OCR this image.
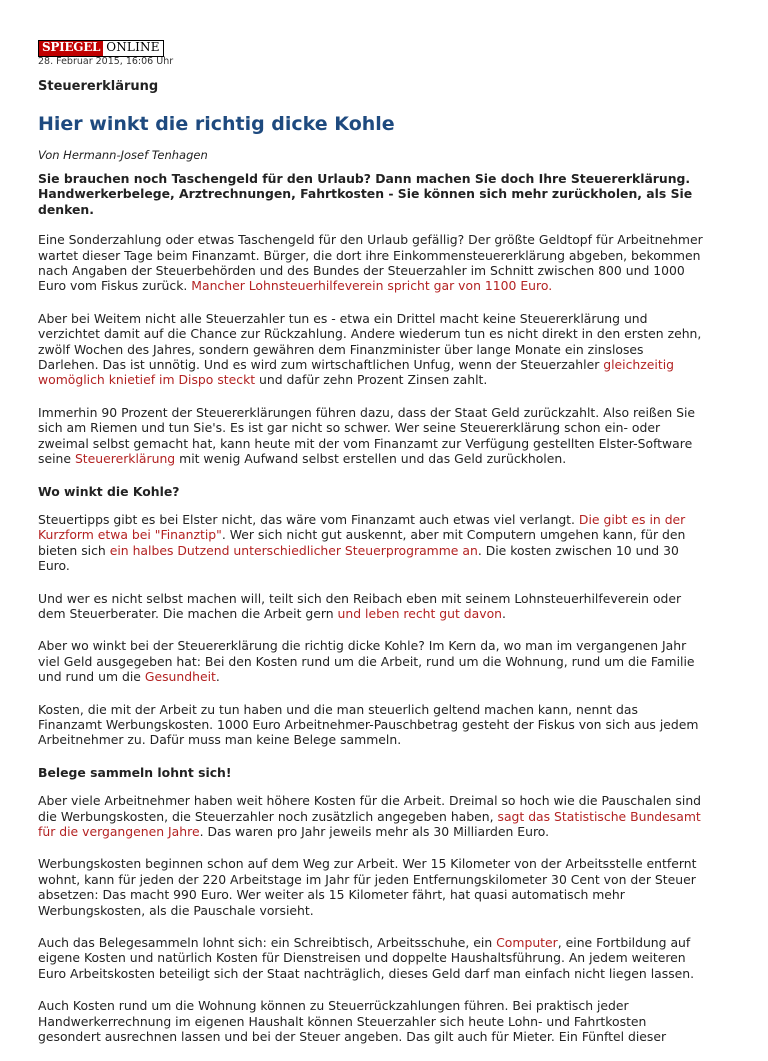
SPIEGEL ONLINE
28. Februar 2015, 16:06 Uhr
Steuererklärung
Hier winkt die richtig dicke Kohle
Von Hermann-Josef Tenhagen

Sie brauchen noch Taschengeld für den Urlaub? Dann machen Sie doch Ihre Steuererklärung. Handwerkerbelege, Arztrechnungen, Fahrtkosten - Sie können sich mehr zurückholen, als Sie denken.

Eine Sonderzahlung oder etwas Taschengeld für den Urlaub gefällig? Der größte Geldtopf für Arbeitnehmer wartet dieser Tage beim Finanzamt. Bürger, die dort ihre Einkommensteuererklärung abgeben, bekommen nach Angaben der Steuerbehörden und des Bundes der Steuerzahler im Schnitt zwischen 800 und 1000 Euro vom Fiskus zurück. Mancher Lohnsteuerhilfeverein spricht gar von 1100 Euro.

Aber bei Weitem nicht alle Steuerzahler tun es - etwa ein Drittel macht keine Steuererklärung und verzichtet damit auf die Chance zur Rückzahlung. Andere wiederum tun es nicht direkt in den ersten zehn, zwölf Wochen des Jahres, sondern gewähren dem Finanzminister über lange Monate ein zinsloses Darlehen. Das ist unnötig. Und es wird zum wirtschaftlichen Unfug, wenn der Steuerzahler gleichzeitig womöglich knietief im Dispo steckt und dafür zehn Prozent Zinsen zahlt.

Immerhin 90 Prozent der Steuererklärungen führen dazu, dass der Staat Geld zurückzahlt. Also reißen Sie sich am Riemen und tun Sie's. Es ist gar nicht so schwer. Wer seine Steuererklärung schon ein- oder zweimal selbst gemacht hat, kann heute mit der vom Finanzamt zur Verfügung gestellten Elster-Software seine Steuererklärung mit wenig Aufwand selbst erstellen und das Geld zurückholen.

Wo winkt die Kohle?

Steuertipps gibt es bei Elster nicht, das wäre vom Finanzamt auch etwas viel verlangt. Die gibt es in der Kurzform etwa bei "Finanztip". Wer sich nicht gut auskennt, aber mit Computern umgehen kann, für den bieten sich ein halbes Dutzend unterschiedlicher Steuerprogramme an. Die kosten zwischen 10 und 30 Euro.

Und wer es nicht selbst machen will, teilt sich den Reibach eben mit seinem Lohnsteuerhilfeverein oder dem Steuerberater. Die machen die Arbeit gern und leben recht gut davon.

Aber wo winkt bei der Steuererklärung die richtig dicke Kohle? Im Kern da, wo man im vergangenen Jahr viel Geld ausgegeben hat: Bei den Kosten rund um die Arbeit, rund um die Wohnung, rund um die Familie und rund um die Gesundheit.

Kosten, die mit der Arbeit zu tun haben und die man steuerlich geltend machen kann, nennt das Finanzamt Werbungskosten. 1000 Euro Arbeitnehmer-Pauschbetrag gesteht der Fiskus von sich aus jedem Arbeitnehmer zu. Dafür muss man keine Belege sammeln.

Belege sammeln lohnt sich!

Aber viele Arbeitnehmer haben weit höhere Kosten für die Arbeit. Dreimal so hoch wie die Pauschalen sind die Werbungskosten, die Steuerzahler noch zusätzlich angegeben haben, sagt das Statistische Bundesamt für die vergangenen Jahre. Das waren pro Jahr jeweils mehr als 30 Milliarden Euro.

Werbungskosten beginnen schon auf dem Weg zur Arbeit. Wer 15 Kilometer von der Arbeitsstelle entfernt wohnt, kann für jeden der 220 Arbeitstage im Jahr für jeden Entfernungskilometer 30 Cent von der Steuer absetzen: Das macht 990 Euro. Wer weiter als 15 Kilometer fährt, hat quasi automatisch mehr Werbungskosten, als die Pauschale vorsieht.

Auch das Belegesammeln lohnt sich: ein Schreibtisch, Arbeitsschuhe, ein Computer, eine Fortbildung auf eigene Kosten und natürlich Kosten für Dienstreisen und doppelte Haushaltsführung. An jedem weiteren Euro Arbeitskosten beteiligt sich der Staat nachträglich, dieses Geld darf man einfach nicht liegen lassen.

Auch Kosten rund um die Wohnung können zu Steuerrückzahlungen führen. Bei praktisch jeder Handwerkerrechnung im eigenen Haushalt können Steuerzahler sich heute Lohn- und Fahrtkosten gesondert ausrechnen lassen und bei der Steuer angeben. Das gilt auch für Mieter. Ein Fünftel dieser
